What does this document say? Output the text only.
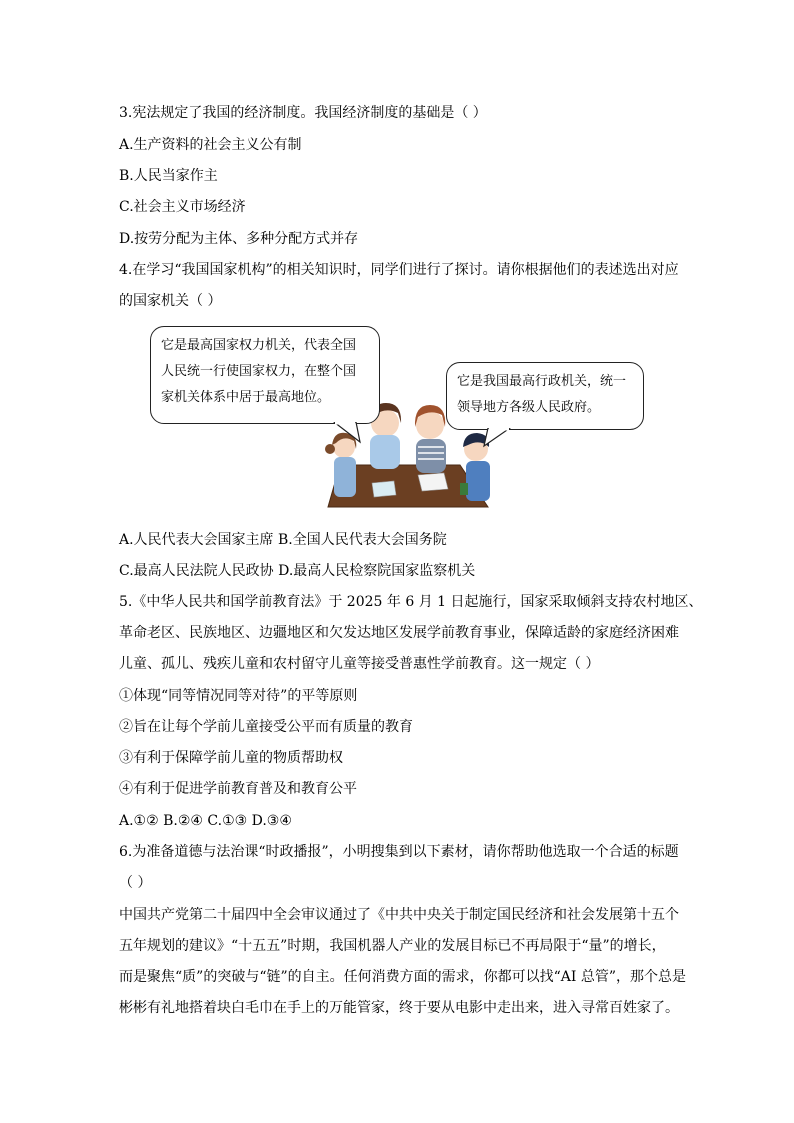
3.宪法规定了我国的经济制度。我国经济制度的基础是（ ）
A.生产资料的社会主义公有制
B.人民当家作主
C.社会主义市场经济
D.按劳分配为主体、多种分配方式并存
4.在学习“我国国家机构”的相关知识时，同学们进行了探讨。请你根据他们的表述选出对应
的国家机关（ ）
它是最高国家权力机关，代表全国
人民统一行使国家权力，在整个国
家机关体系中居于最高地位。
它是我国最高行政机关，统一
领导地方各级人民政府。
A.人民代表大会国家主席 B.全国人民代表大会国务院
C.最高人民法院人民政协 D.最高人民检察院国家监察机关
5.《中华人民共和国学前教育法》于 2025 年 6 月 1 日起施行，国家采取倾斜支持农村地区、
革命老区、民族地区、边疆地区和欠发达地区发展学前教育事业，保障适龄的家庭经济困难
儿童、孤儿、残疾儿童和农村留守儿童等接受普惠性学前教育。这一规定（ ）
①体现“同等情况同等对待”的平等原则
②旨在让每个学前儿童接受公平而有质量的教育
③有利于保障学前儿童的物质帮助权
④有利于促进学前教育普及和教育公平
A.①② B.②④ C.①③ D.③④
6.为准备道德与法治课“时政播报”，小明搜集到以下素材，请你帮助他选取一个合适的标题
（ ）
中国共产党第二十届四中全会审议通过了《中共中央关于制定国民经济和社会发展第十五个
五年规划的建议》“十五五”时期，我国机器人产业的发展目标已不再局限于“量”的增长，
而是聚焦“质”的突破与“链”的自主。任何消费方面的需求，你都可以找“AI 总管”，那个总是
彬彬有礼地搭着块白毛巾在手上的万能管家，终于要从电影中走出来，进入寻常百姓家了。
